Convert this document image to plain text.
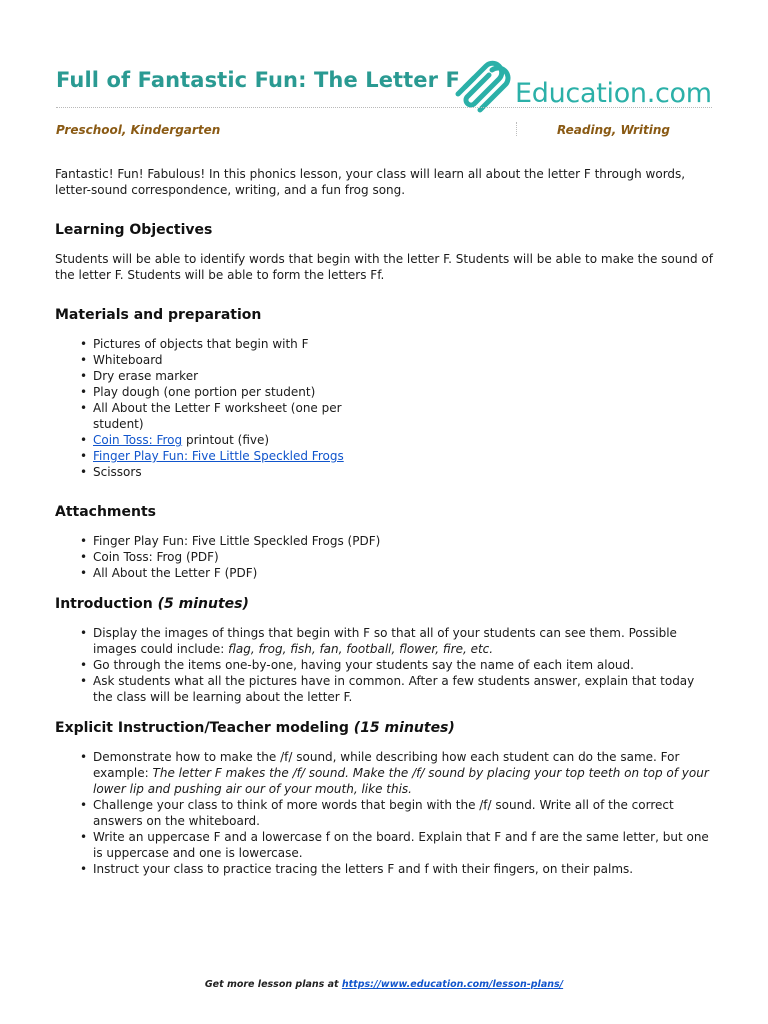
Full of Fantastic Fun: The Letter F Education.com
Preschool, Kindergarten	Reading, Writing

Fantastic! Fun! Fabulous! In this phonics lesson, your class will learn all about the letter F through words, letter-sound correspondence, writing, and a fun frog song.

Learning Objectives

Students will be able to identify words that begin with the letter F. Students will be able to make the sound of the letter F. Students will be able to form the letters Ff.

Materials and preparation
• Pictures of objects that begin with F
• Whiteboard
• Dry erase marker
• Play dough (one portion per student)
• All About the Letter F worksheet (one per student)
• Coin Toss: Frog printout (five)
• Finger Play Fun: Five Little Speckled Frogs
• Scissors
Attachments
• Finger Play Fun: Five Little Speckled Frogs (PDF)
• Coin Toss: Frog (PDF)
• All About the Letter F (PDF)
Introduction (5 minutes)
• Display the images of things that begin with F so that all of your students can see them. Possible images could include: flag, frog, fish, fan, football, flower, fire, etc.
• Go through the items one-by-one, having your students say the name of each item aloud.
• Ask students what all the pictures have in common. After a few students answer, explain that today the class will be learning about the letter F.
Explicit Instruction/Teacher modeling (15 minutes)
• Demonstrate how to make the /f/ sound, while describing how each student can do the same. For example: The letter F makes the /f/ sound. Make the /f/ sound by placing your top teeth on top of your lower lip and pushing air our of your mouth, like this.
• Challenge your class to think of more words that begin with the /f/ sound. Write all of the correct answers on the whiteboard.
• Write an uppercase F and a lowercase f on the board. Explain that F and f are the same letter, but one is uppercase and one is lowercase.
• Instruct your class to practice tracing the letters F and f with their fingers, on their palms.
Get more lesson plans at https://www.education.com/lesson-plans/
